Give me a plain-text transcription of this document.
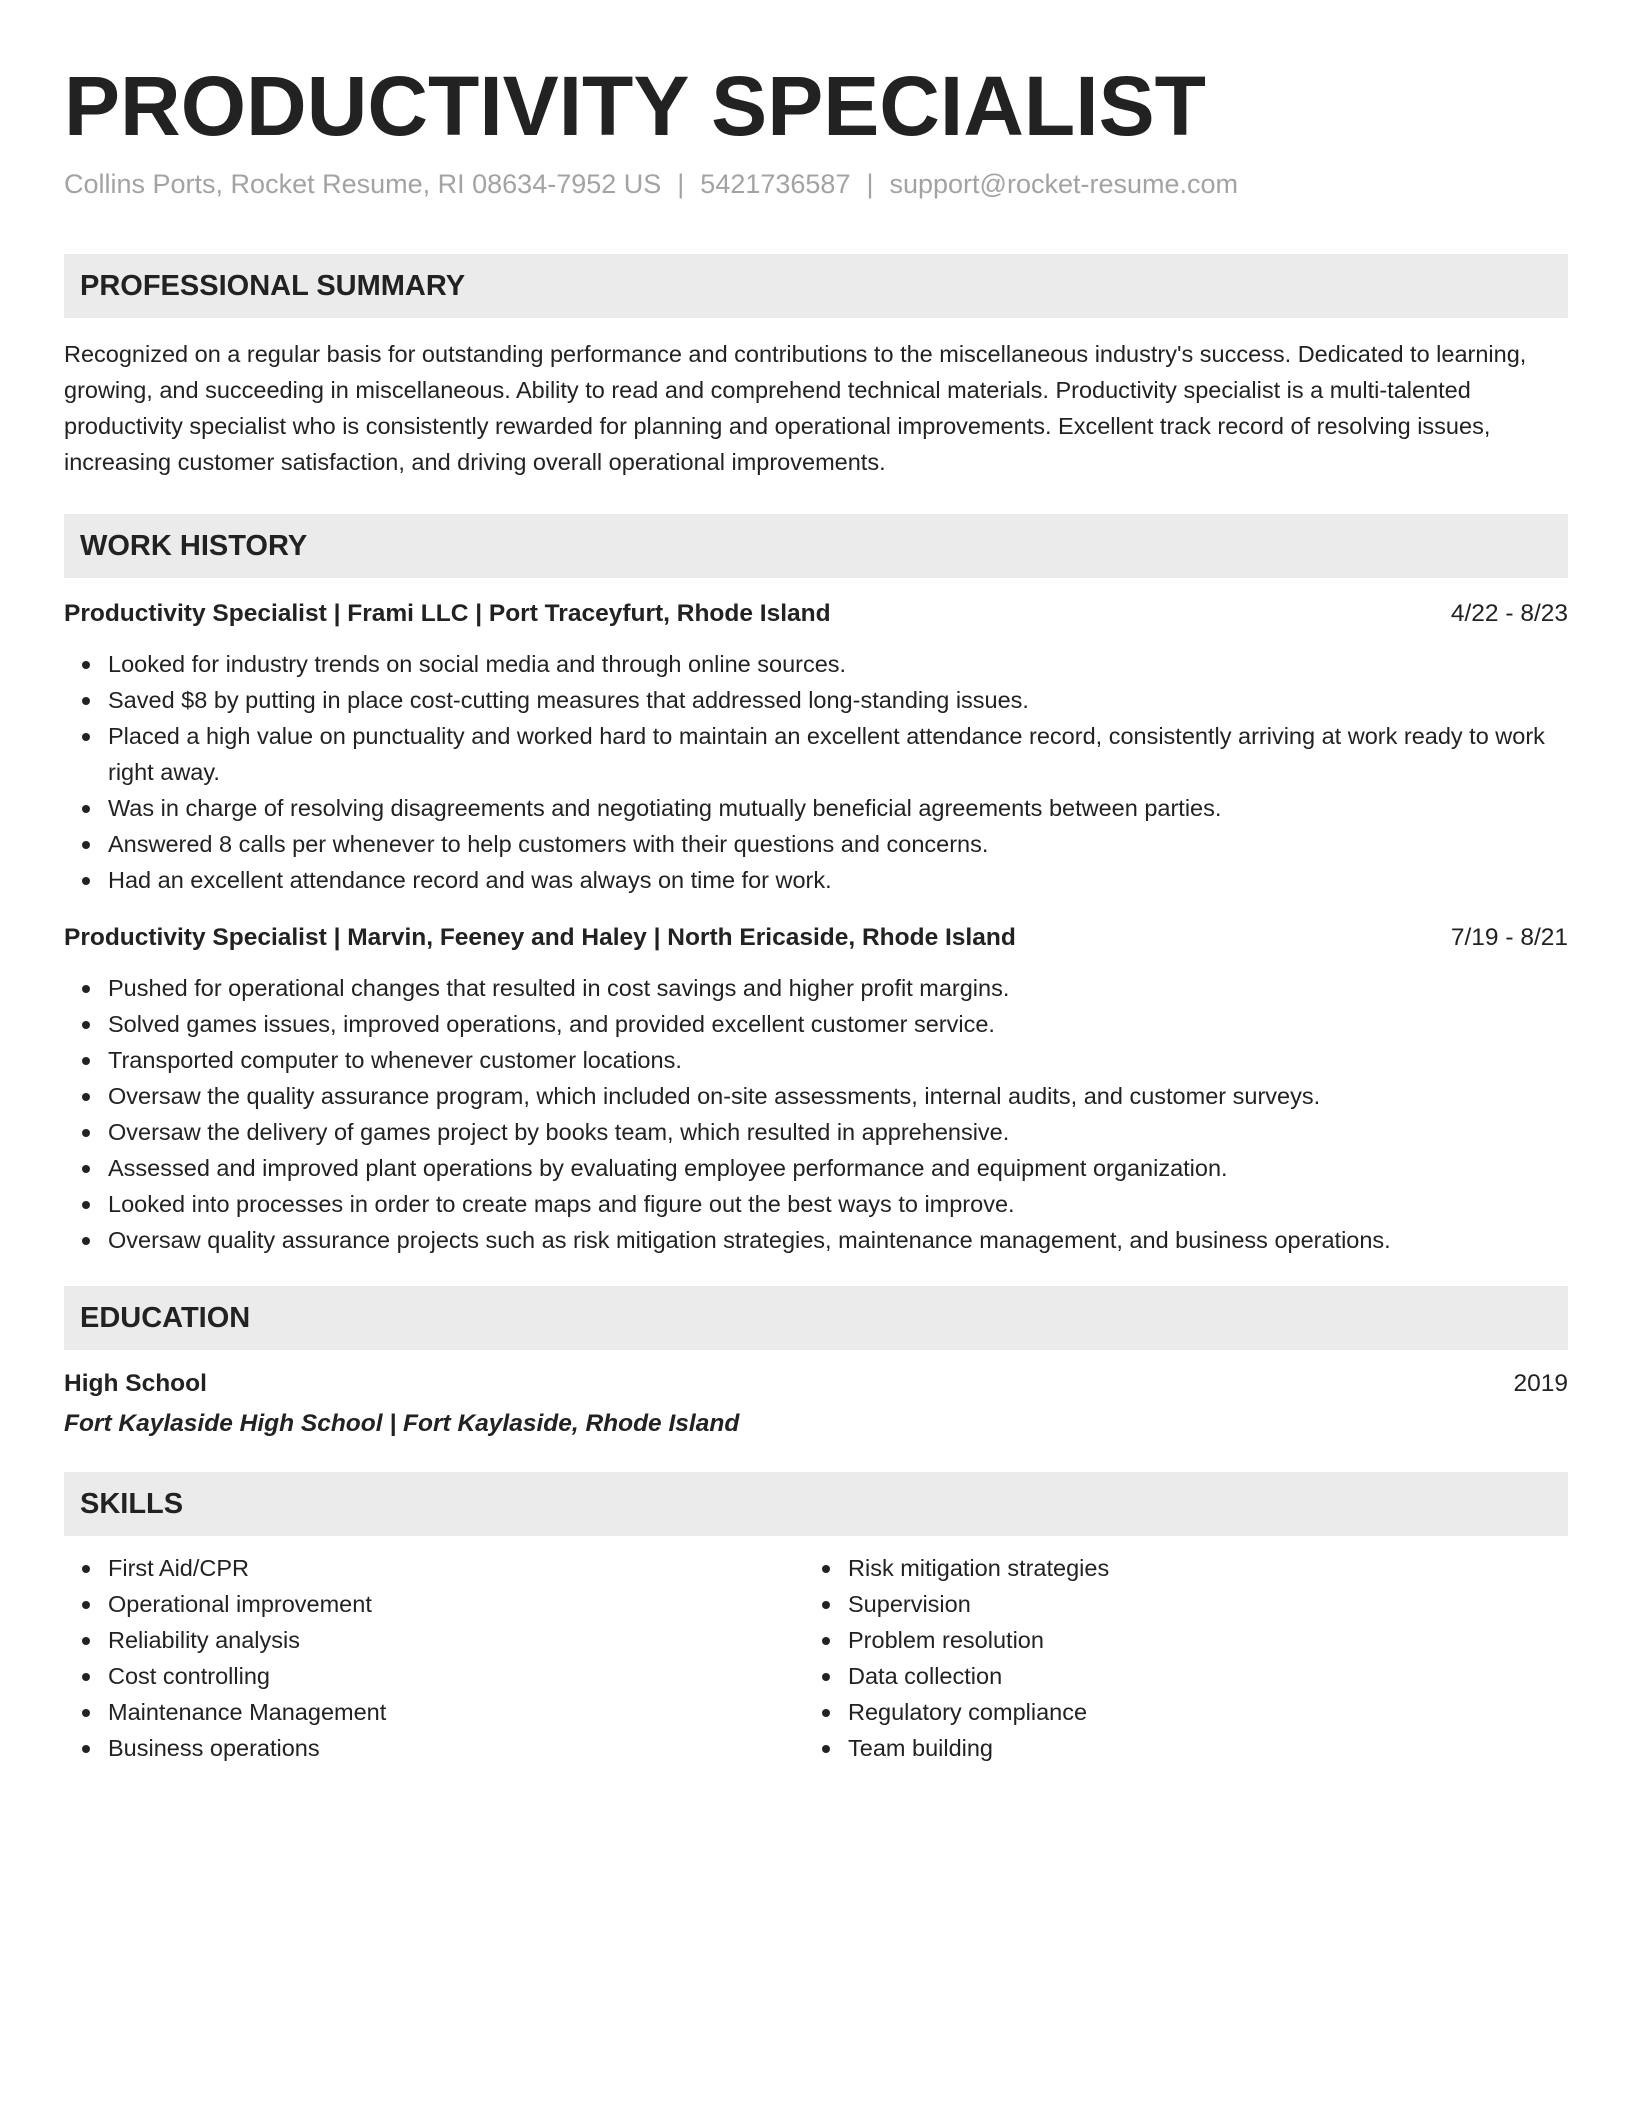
PRODUCTIVITY SPECIALIST
Collins Ports, Rocket Resume, RI 08634-7952 US | 5421736587 | support@rocket-resume.com
PROFESSIONAL SUMMARY
Recognized on a regular basis for outstanding performance and contributions to the miscellaneous industry's success. Dedicated to learning, growing, and succeeding in miscellaneous. Ability to read and comprehend technical materials. Productivity specialist is a multi-talented productivity specialist who is consistently rewarded for planning and operational improvements. Excellent track record of resolving issues, increasing customer satisfaction, and driving overall operational improvements.
WORK HISTORY
Productivity Specialist | Frami LLC | Port Traceyfurt, Rhode Island	4/22 - 8/23
Looked for industry trends on social media and through online sources.
Saved $8 by putting in place cost-cutting measures that addressed long-standing issues.
Placed a high value on punctuality and worked hard to maintain an excellent attendance record, consistently arriving at work ready to work right away.
Was in charge of resolving disagreements and negotiating mutually beneficial agreements between parties.
Answered 8 calls per whenever to help customers with their questions and concerns.
Had an excellent attendance record and was always on time for work.
Productivity Specialist | Marvin, Feeney and Haley | North Ericaside, Rhode Island	7/19 - 8/21
Pushed for operational changes that resulted in cost savings and higher profit margins.
Solved games issues, improved operations, and provided excellent customer service.
Transported computer to whenever customer locations.
Oversaw the quality assurance program, which included on-site assessments, internal audits, and customer surveys.
Oversaw the delivery of games project by books team, which resulted in apprehensive.
Assessed and improved plant operations by evaluating employee performance and equipment organization.
Looked into processes in order to create maps and figure out the best ways to improve.
Oversaw quality assurance projects such as risk mitigation strategies, maintenance management, and business operations.
EDUCATION
High School	2019
Fort Kaylaside High School | Fort Kaylaside, Rhode Island
SKILLS
First Aid/CPR
Operational improvement
Reliability analysis
Cost controlling
Maintenance Management
Business operations
Risk mitigation strategies
Supervision
Problem resolution
Data collection
Regulatory compliance
Team building
